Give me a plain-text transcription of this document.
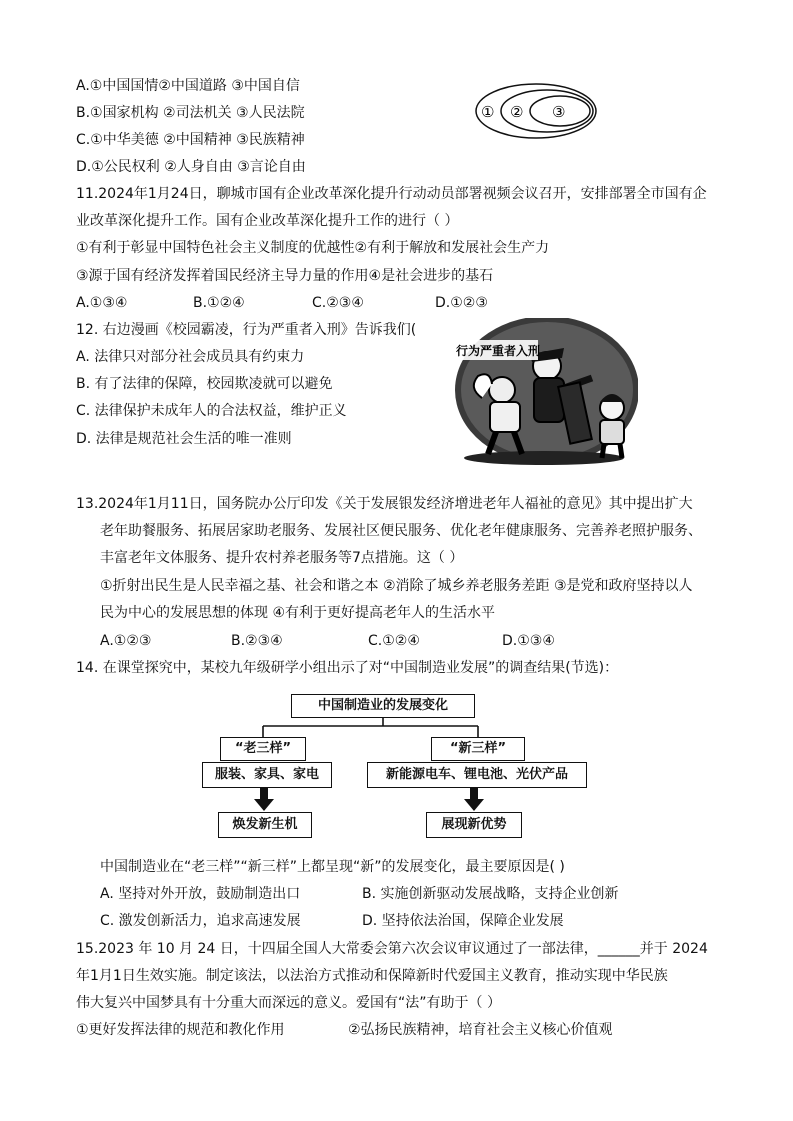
A.①中国国情②中国道路 ③中国自信
B.①国家机构 ②司法机关 ③人民法院
C.①中华美德 ②中国精神 ③民族精神
D.①公民权利 ②人身自由 ③言论自由
① ② ③
11.2024年1月24日，聊城市国有企业改革深化提升行动动员部署视频会议召开，安排部署全市国有企
业改革深化提升工作。国有企业改革深化提升工作的进行（ ）
①有利于彰显中国特色社会主义制度的优越性②有利于解放和发展社会生产力
③源于国有经济发挥着国民经济主导力量的作用④是社会进步的基石
A.①③④	B.①②④	C.②③④	D.①②③
12. 右边漫画《校园霸凌，行为严重者入刑》告诉我们(
A. 法律只对部分社会成员具有约束力
B. 有了法律的保障，校园欺凌就可以避免
C. 法律保护未成年人的合法权益，维护正义
D. 法律是规范社会生活的唯一准则
行为严重者入刑
13.2024年1月11日，国务院办公厅印发《关于发展银发经济增进老年人福祉的意见》其中提出扩大
老年助餐服务、拓展居家助老服务、发展社区便民服务、优化老年健康服务、完善养老照护服务、
丰富老年文体服务、提升农村养老服务等7点措施。这（ ）
①折射出民生是人民幸福之基、社会和谐之本 ②消除了城乡养老服务差距 ③是党和政府坚持以人
民为中心的发展思想的体现 ④有利于更好提高老年人的生活水平
A.①②③	B.②③④	C.①②④	D.①③④
14. 在课堂探究中，某校九年级研学小组出示了对“中国制造业发展”的调查结果(节选)：
中国制造业的发展变化
“老三样”	“新三样”
服装、家具、家电	新能源电车、锂电池、光伏产品
焕发新生机	展现新优势
中国制造业在“老三样”“新三样”上都呈现“新”的发展变化，最主要原因是( )
A. 坚持对外开放，鼓励制造出口	B. 实施创新驱动发展战略，支持企业创新
C. 激发创新活力，追求高速发展	D. 坚持依法治国，保障企业发展
15.2023 年 10 月 24 日，十四届全国人大常委会第六次会议审议通过了一部法律，______并于 2024
年1月1日生效实施。制定该法，以法治方式推动和保障新时代爱国主义教育，推动实现中华民族
伟大复兴中国梦具有十分重大而深远的意义。爱国有“法”有助于（ ）
①更好发挥法律的规范和教化作用	②弘扬民族精神，培育社会主义核心价值观
